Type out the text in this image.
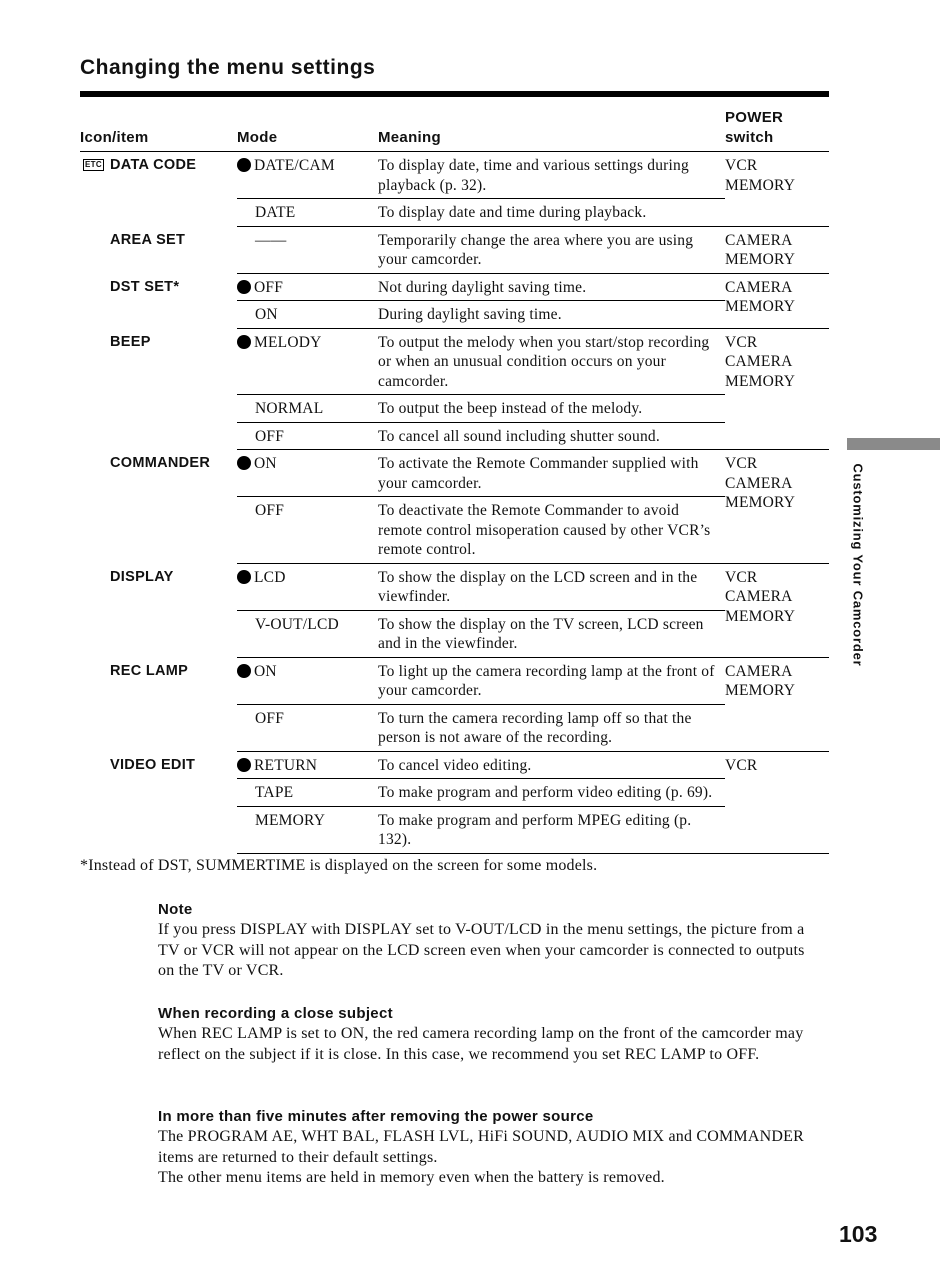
Changing the menu settings
Icon/item	Mode	Meaning	POWER
switch

ETC DATA CODE	DATE/CAM	To display date, time and various settings during playback (p. 32).	VCR
MEMORY
	DATE	To display date and time during playback.	
AREA SET	——	Temporarily change the area where you are using your camcorder.	CAMERA
MEMORY
DST SET*	OFF	Not during daylight saving time.	CAMERA
MEMORY
	ON	During daylight saving time.	
BEEP	MELODY	To output the melody when you start/stop recording or when an unusual condition occurs on your camcorder.	VCR
CAMERA
MEMORY
	NORMAL	To output the beep instead of the melody.	
	OFF	To cancel all sound including shutter sound.	
COMMANDER	ON	To activate the Remote Commander supplied with your camcorder.	VCR
CAMERA
MEMORY
	OFF	To deactivate the Remote Commander to avoid remote control misoperation caused by other VCR’s remote control.	
DISPLAY	LCD	To show the display on the LCD screen and in the viewfinder.	VCR
CAMERA
MEMORY
	V-OUT/LCD	To show the display on the TV screen, LCD screen and in the viewfinder.	
REC LAMP	ON	To light up the camera recording lamp at the front of your camcorder.	CAMERA
MEMORY
	OFF	To turn the camera recording lamp off so that the person is not aware of the recording.	
VIDEO EDIT	RETURN	To cancel video editing.	VCR
	TAPE	To make program and perform video editing (p. 69).	
	MEMORY	To make program and perform MPEG editing (p. 132).	
*Instead of DST, SUMMERTIME is displayed on the screen for some models.
Note
If you press DISPLAY with DISPLAY set to V-OUT/LCD in the menu settings, the picture from a TV or VCR will not appear on the LCD screen even when your camcorder is connected to outputs on the TV or VCR.
When recording a close subject
When REC LAMP is set to ON, the red camera recording lamp on the front of the camcorder may reflect on the subject if it is close. In this case, we recommend you set REC LAMP to OFF.
In more than five minutes after removing the power source
The PROGRAM AE, WHT BAL, FLASH LVL, HiFi SOUND, AUDIO MIX and COMMANDER items are returned to their default settings.
The other menu items are held in memory even when the battery is removed.
Customizing Your Camcorder
103
